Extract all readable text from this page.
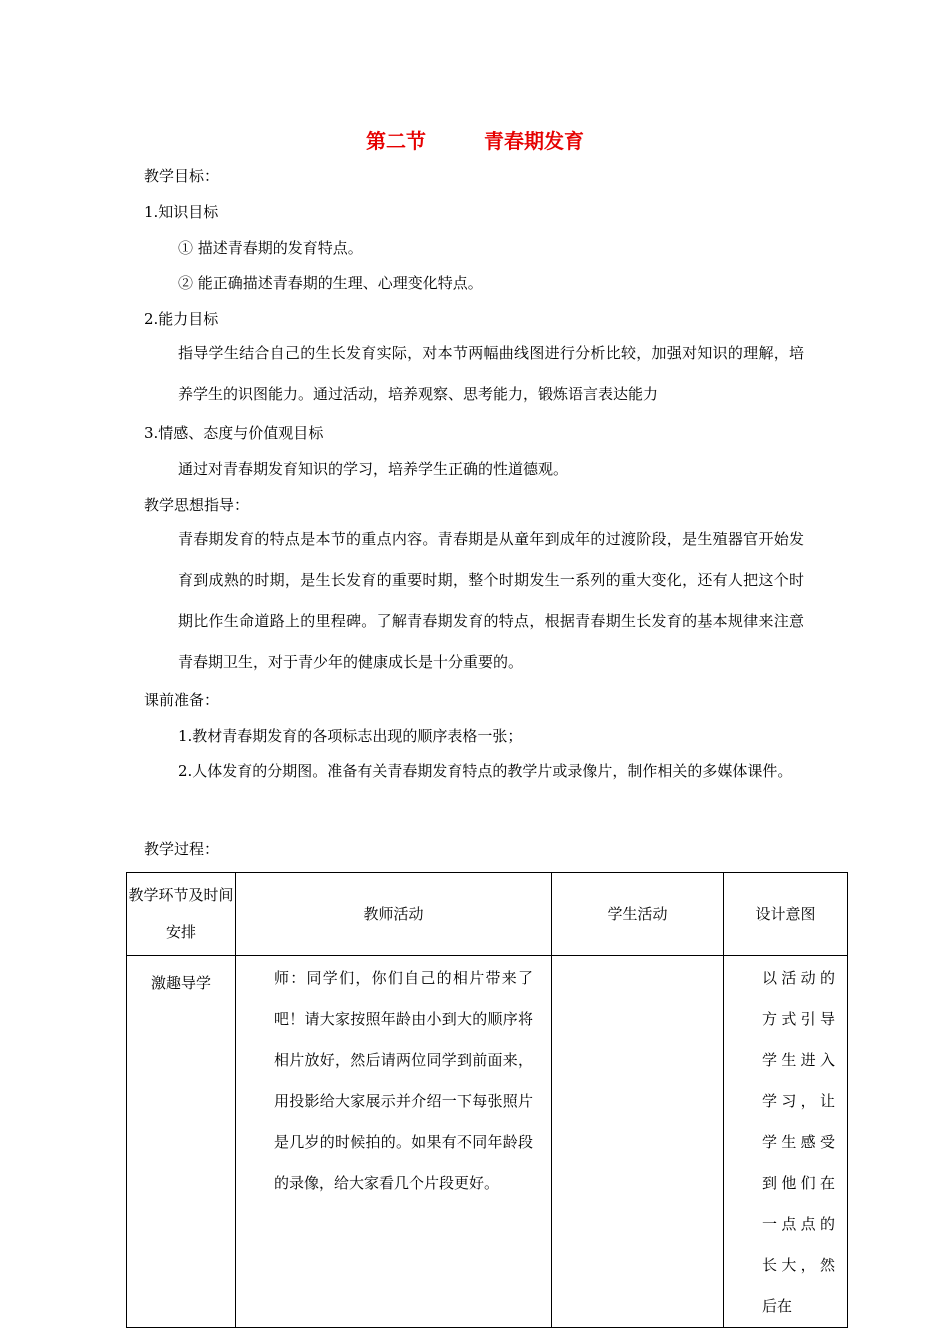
第二节	青春期发育
教学目标：
1.知识目标
① 描述青春期的发育特点。
② 能正确描述青春期的生理、心理变化特点。
2.能力目标
指导学生结合自己的生长发育实际，对本节两幅曲线图进行分析比较，加强对知识的理解，培养学生的识图能力。通过活动，培养观察、思考能力，锻炼语言表达能力
3.情感、态度与价值观目标
通过对青春期发育知识的学习，培养学生正确的性道德观。
教学思想指导：
青春期发育的特点是本节的重点内容。青春期是从童年到成年的过渡阶段，是生殖器官开始发育到成熟的时期，是生长发育的重要时期，整个时期发生一系列的重大变化，还有人把这个时期比作生命道路上的里程碑。了解青春期发育的特点，根据青春期生长发育的基本规律来注意青春期卫生，对于青少年的健康成长是十分重要的。
课前准备：
1.教材青春期发育的各项标志出现的顺序表格一张；
2.人体发育的分期图。准备有关青春期发育特点的教学片或录像片，制作相关的多媒体课件。
教学过程：
教学环节及时间安排	教师活动	学生活动	设计意图
激趣导学	师：同学们，你们自己的相片带来了吧！请大家按照年龄由小到大的顺序将相片放好，然后请两位同学到前面来，用投影给大家展示并介绍一下每张照片是几岁的时候拍的。如果有不同年龄段的录像，给大家看几个片段更好。		以活动的方式引导学生进入学习，让学生感受到他们在一点点的长大，然后在
